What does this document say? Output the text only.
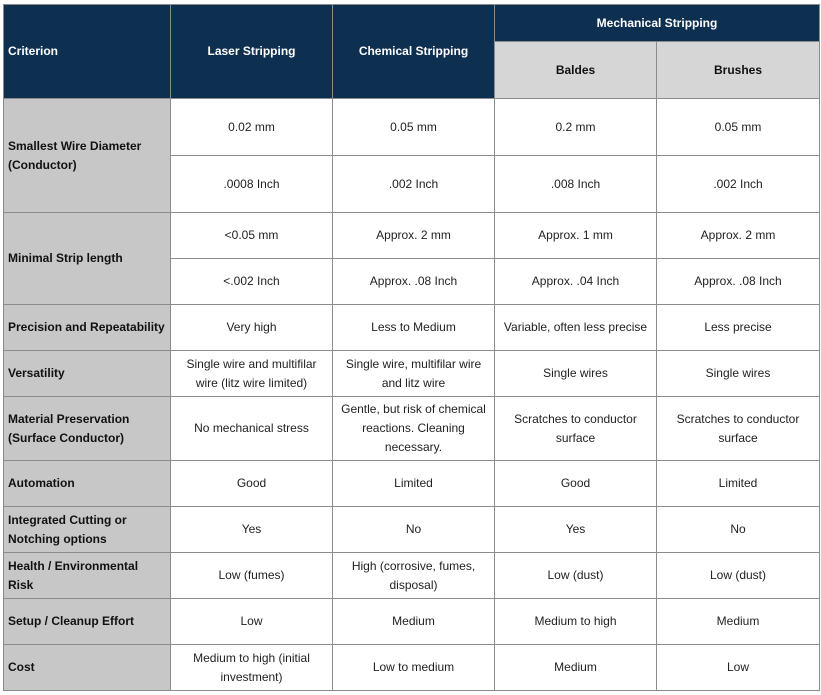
Criterion	Laser Stripping	Chemical Stripping	Mechanical Stripping	
			Baldes	Brushes
Smallest Wire Diameter (Conductor)	0.02 mm	0.05 mm	0.2 mm	0.05 mm
	.0008 Inch	.002 Inch	.008 Inch	.002 Inch
Minimal Strip length	<0.05 mm	Approx. 2 mm	Approx. 1 mm	Approx. 2 mm
	<.002 Inch	Approx. .08 Inch	Approx. .04 Inch	Approx. .08 Inch
Precision and Repeatability	Very high	Less to Medium	Variable, often less precise	Less precise
Versatility	Single wire and multifilar wire (litz wire limited)	Single wire, multifilar wire and litz wire	Single wires	Single wires
Material Preservation (Surface Conductor)	No mechanical stress	Gentle, but risk of chemical reactions. Cleaning necessary.	Scratches to conductor surface	Scratches to conductor surface
Automation	Good	Limited	Good	Limited
Integrated Cutting or Notching options	Yes	No	Yes	No
Health / Environmental Risk	Low (fumes)	High (corrosive, fumes, disposal)	Low (dust)	Low (dust)
Setup / Cleanup Effort	Low	Medium	Medium to high	Medium
Cost	Medium to high (initial investment)	Low to medium	Medium	Low
